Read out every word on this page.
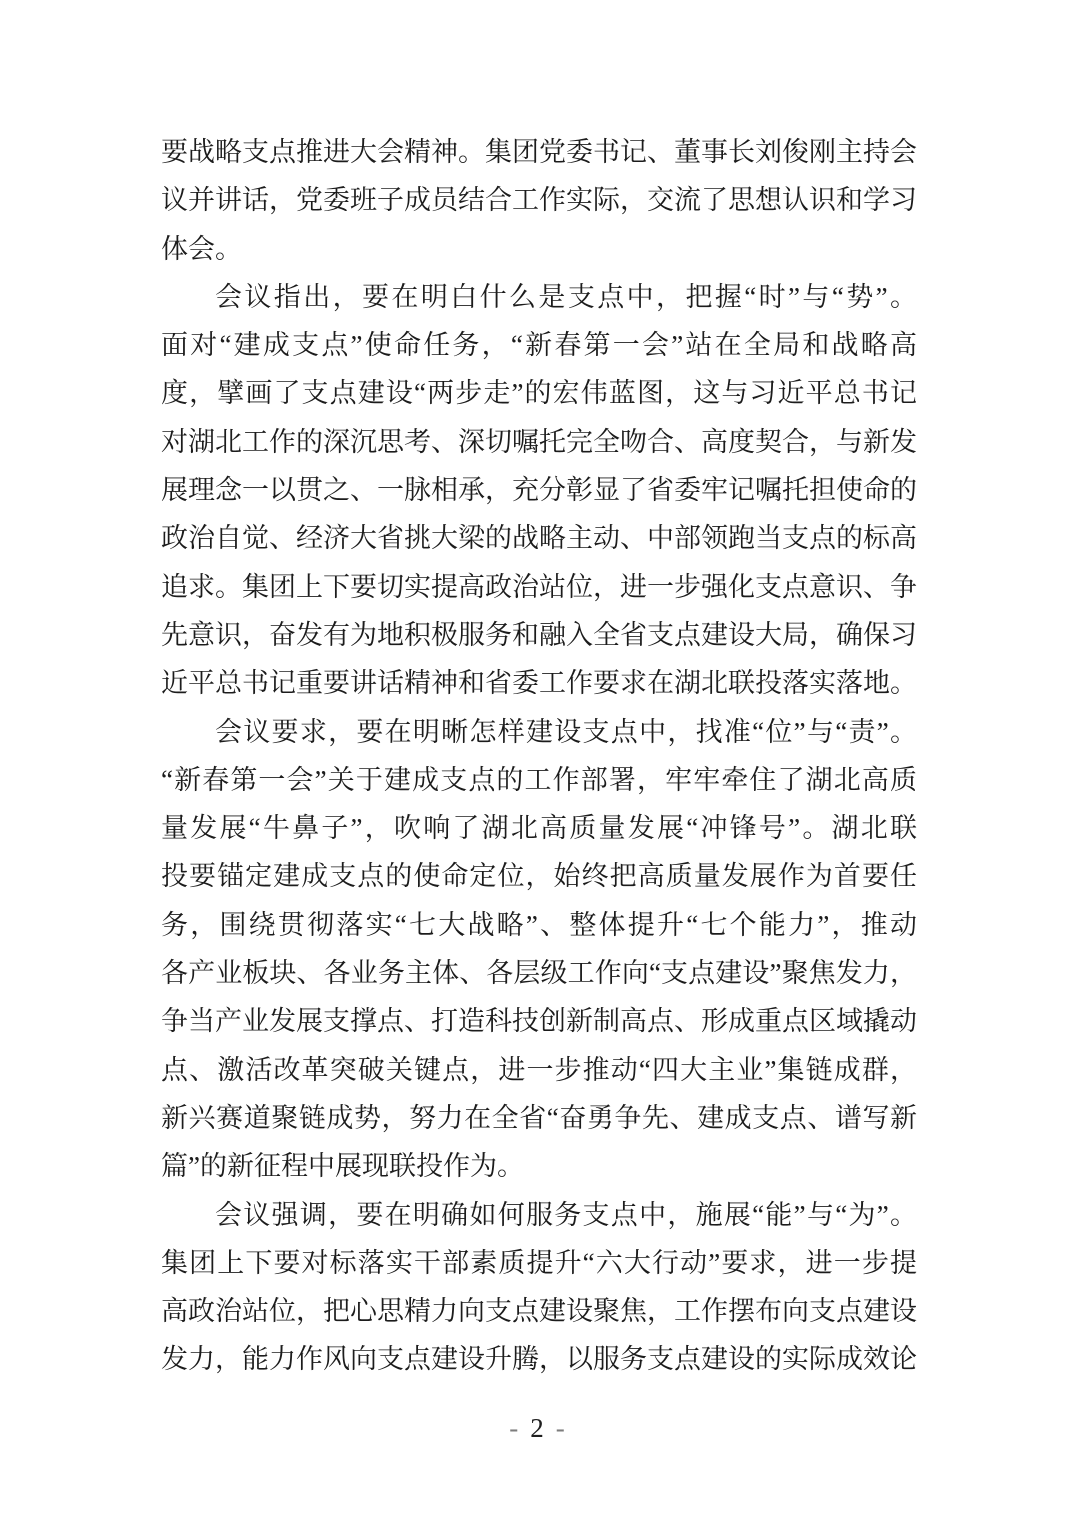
要战略支点推进大会精神。集团党委书记、董事长刘俊刚主持会
议并讲话，党委班子成员结合工作实际，交流了思想认识和学习
体会。
会议指出，要在明白什么是支点中，把握“时”与“势”。
面对“建成支点”使命任务，“新春第一会”站在全局和战略高
度，擘画了支点建设“两步走”的宏伟蓝图，这与习近平总书记
对湖北工作的深沉思考、深切嘱托完全吻合、高度契合，与新发
展理念一以贯之、一脉相承，充分彰显了省委牢记嘱托担使命的
政治自觉、经济大省挑大梁的战略主动、中部领跑当支点的标高
追求。集团上下要切实提高政治站位，进一步强化支点意识、争
先意识，奋发有为地积极服务和融入全省支点建设大局，确保习
近平总书记重要讲话精神和省委工作要求在湖北联投落实落地。
会议要求，要在明晰怎样建设支点中，找准“位”与“责”。
“新春第一会”关于建成支点的工作部署，牢牢牵住了湖北高质
量发展“牛鼻子”，吹响了湖北高质量发展“冲锋号”。湖北联
投要锚定建成支点的使命定位，始终把高质量发展作为首要任
务，围绕贯彻落实“七大战略”、整体提升“七个能力”，推动
各产业板块、各业务主体、各层级工作向“支点建设”聚焦发力，
争当产业发展支撑点、打造科技创新制高点、形成重点区域撬动
点、激活改革突破关键点，进一步推动“四大主业”集链成群，
新兴赛道聚链成势，努力在全省“奋勇争先、建成支点、谱写新
篇”的新征程中展现联投作为。
会议强调，要在明确如何服务支点中，施展“能”与“为”。
集团上下要对标落实干部素质提升“六大行动”要求，进一步提
高政治站位，把心思精力向支点建设聚焦，工作摆布向支点建设
发力，能力作风向支点建设升腾，以服务支点建设的实际成效论
- 2 -
